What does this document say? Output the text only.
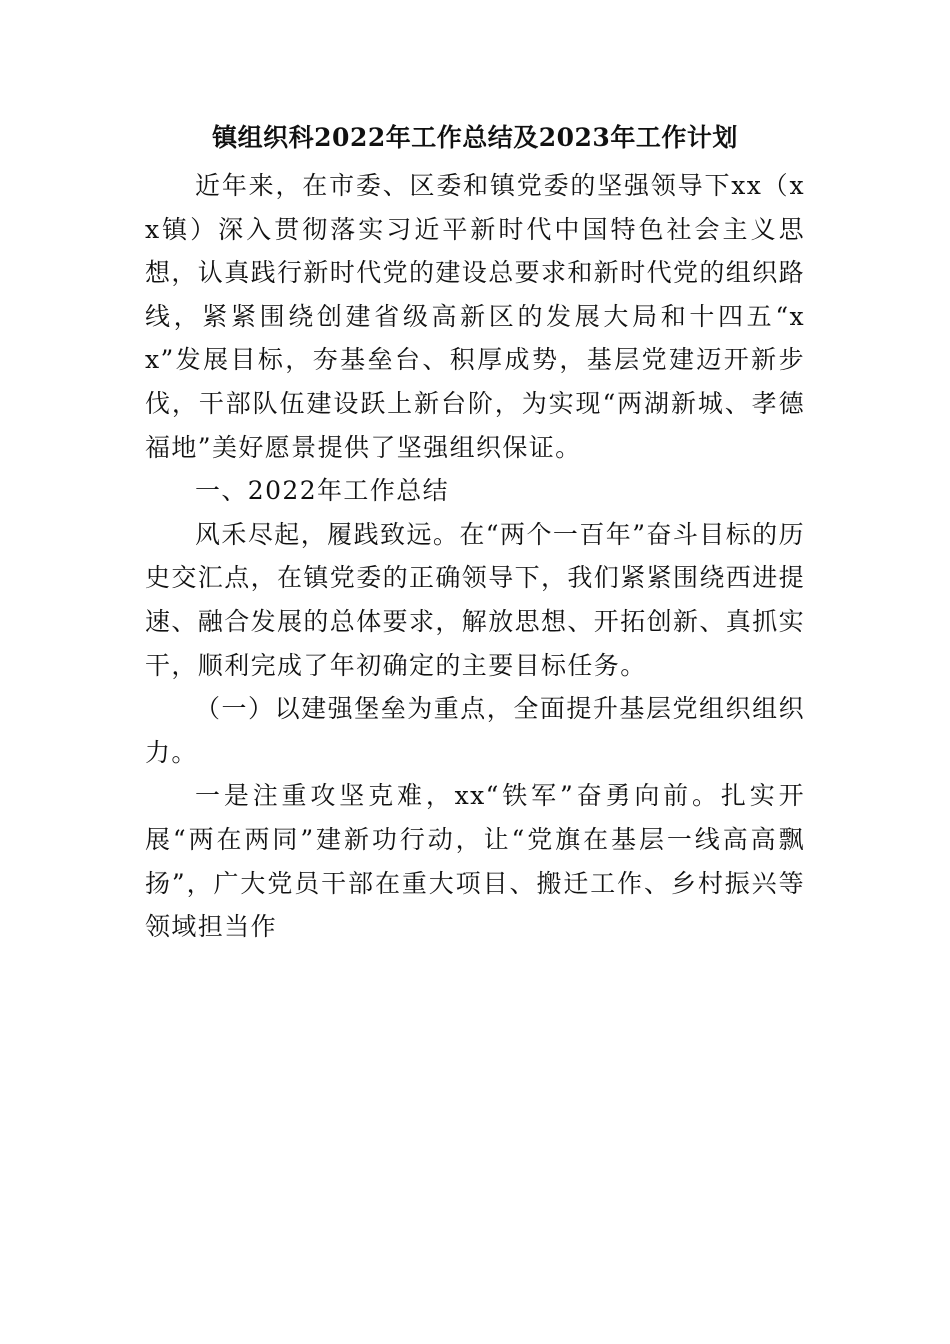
镇组织科2022年工作总结及2023年工作计划

近年来，在市委、区委和镇党委的坚强领导下xx（xx镇）深入贯彻落实习近平新时代中国特色社会主义思想，认真践行新时代党的建设总要求和新时代党的组织路线，紧紧围绕创建省级高新区的发展大局和十四五“xx”发展目标，夯基垒台、积厚成势，基层党建迈开新步伐，干部队伍建设跃上新台阶，为实现“两湖新城、孝德福地”美好愿景提供了坚强组织保证。

一、2022年工作总结

风禾尽起，履践致远。在“两个一百年”奋斗目标的历史交汇点，在镇党委的正确领导下，我们紧紧围绕西进提速、融合发展的总体要求，解放思想、开拓创新、真抓实干，顺利完成了年初确定的主要目标任务。

（一）以建强堡垒为重点，全面提升基层党组织组织力。

一是注重攻坚克难，xx“铁军”奋勇向前。扎实开展“两在两同”建新功行动，让“党旗在基层一线高高飘扬”，广大党员干部在重大项目、搬迁工作、乡村振兴等领域担当作
